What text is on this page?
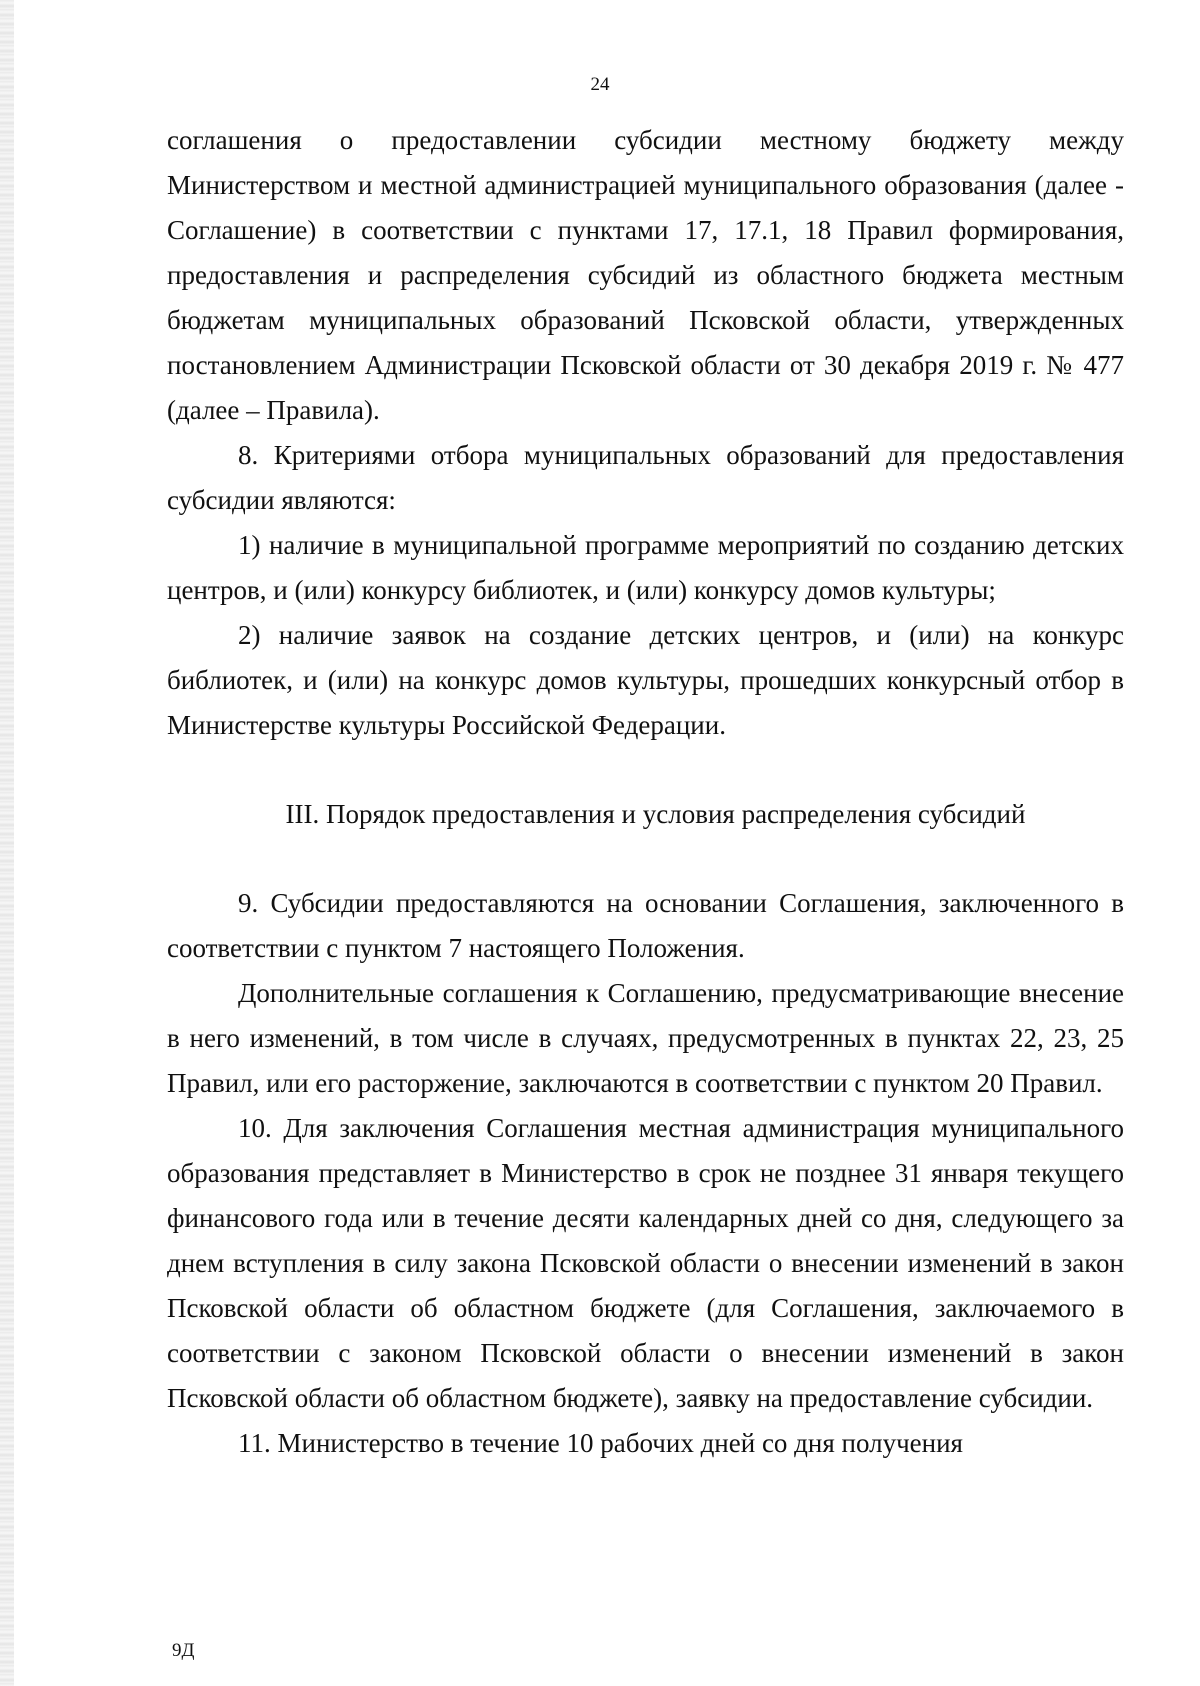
24

соглашения о предоставлении субсидии местному бюджету между Министерством и местной администрацией муниципального образования (далее - Соглашение) в соответствии с пунктами 17, 17.1, 18 Правил формирования, предоставления и распределения субсидий из областного бюджета местным бюджетам муниципальных образований Псковской области, утвержденных постановлением Администрации Псковской области от 30 декабря 2019 г. № 477 (далее – Правила).

8. Критериями отбора муниципальных образований для предоставления субсидии являются:

1) наличие в муниципальной программе мероприятий по созданию детских центров, и (или) конкурсу библиотек, и (или) конкурсу домов культуры;

2) наличие заявок на создание детских центров, и (или) на конкурс библиотек, и (или) на конкурс домов культуры, прошедших конкурсный отбор в Министерстве культуры Российской Федерации.

III. Порядок предоставления и условия распределения субсидий

9. Субсидии предоставляются на основании Соглашения, заключенного в соответствии с пунктом 7 настоящего Положения.

Дополнительные соглашения к Соглашению, предусматривающие внесение в него изменений, в том числе в случаях, предусмотренных в пунктах 22, 23, 25 Правил, или его расторжение, заключаются в соответствии с пунктом 20 Правил.

10. Для заключения Соглашения местная администрация муниципального образования представляет в Министерство в срок не позднее 31 января текущего финансового года или в течение десяти календарных дней со дня, следующего за днем вступления в силу закона Псковской области о внесении изменений в закон Псковской области об областном бюджете (для Соглашения, заключаемого в соответствии с законом Псковской области о внесении изменений в закон Псковской области об областном бюджете), заявку на предоставление субсидии.

11. Министерство в течение 10 рабочих дней со дня получения

9Д
